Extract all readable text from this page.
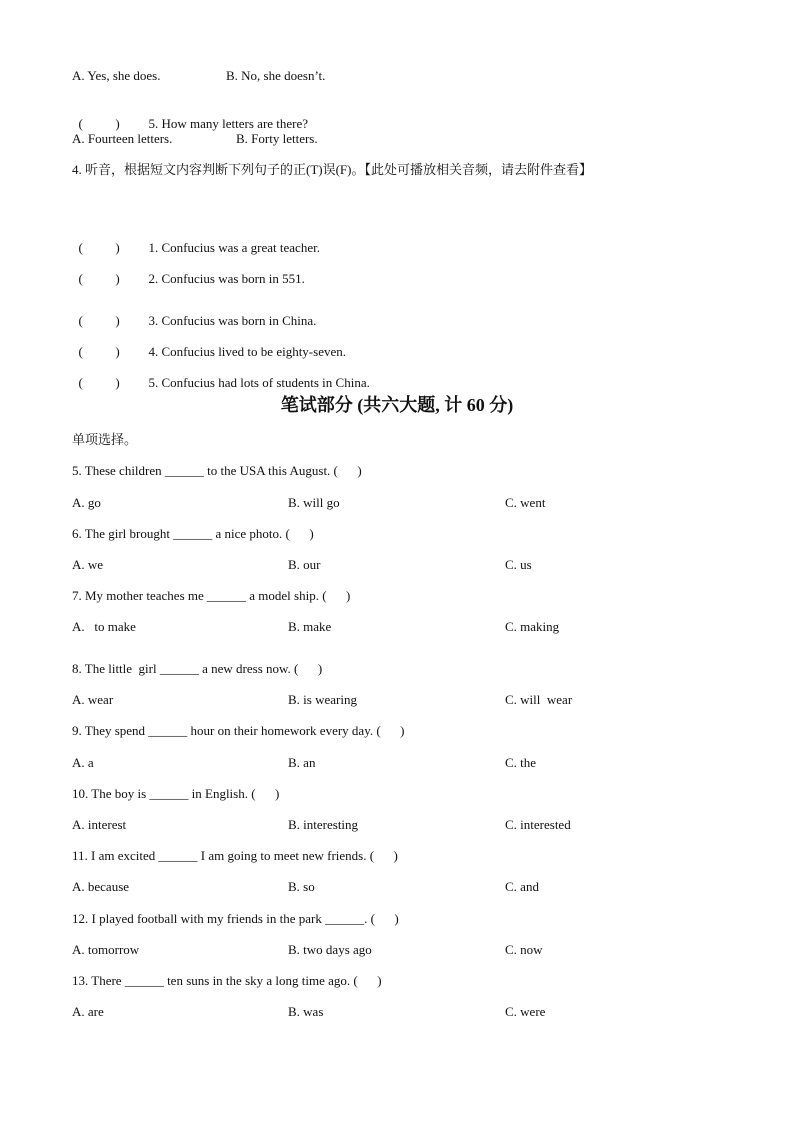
A. Yes, she does.	B. No, she doesn’t.

(          ) 5. How many letters are there?

A. Fourteen letters.	B. Forty letters.
4. 听音，根据短文内容判断下列句子的正(T)误(F)。【此处可播放相关音频，请去附件查看】

(          ) 1. Confucius was a great teacher.

(          ) 2. Confucius was born in 551.

(          ) 3. Confucius was born in China.

(          ) 4. Confucius lived to be eighty-seven.

(          ) 5. Confucius had lots of students in China.

笔试部分 (共六大题, 计 60 分)
单项选择。
5. These children ______ to the USA this August. (      )
A. go	B. will go	C. went
6. The girl brought ______ a nice photo. (      )
A. we	B. our	C. us
7. My mother teaches me ______ a model ship. (      )
A.   to make	B. make	C. making
8. The little  girl ______ a new dress now. (      )
A. wear	B. is wearing	C. will  wear
9. They spend ______ hour on their homework every day. (      )
A. a	B. an	C. the
10. The boy is ______ in English. (      )
A. interest	B. interesting	C. interested
11. I am excited ______ I am going to meet new friends. (      )
A. because	B. so	C. and
12. I played football with my friends in the park ______. (      )
A. tomorrow	B. two days ago	C. now
13. There ______ ten suns in the sky a long time ago. (      )
A. are	B. was	C. were
